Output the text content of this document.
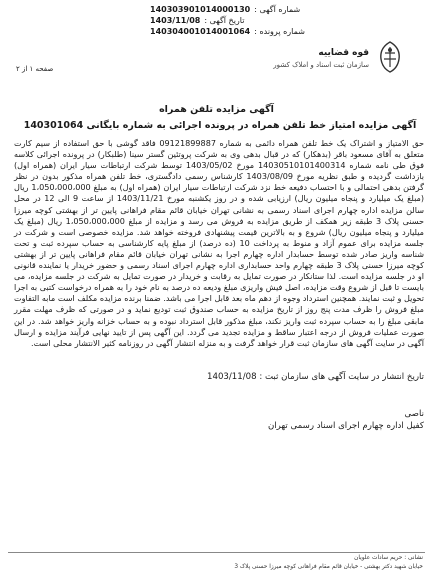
شماره آگهی :
140303901014000130
تاریخ آگهی :
1403/11/08
شماره پرونده :
140304001014001064
صفحه ۱ از ۲
قوه قضاییه
سازمان ثبت اسناد و املاک کشور
آگهی مزایده تلفن همراه
آگهی مزایده امتیاز خط تلفن همراه در پرونده اجرائی به شماره بایگانی 140301064
حق الامتیاز و اشتراک یک خط تلفن همراه دائمی به شماره 09121899887 فاقد گوشی با حق استفاده از سیم کارت متعلق به آقای مسعود باقر (بدهکار) که در قبال بدهی وی به شرکت پروتئین گستر سینا (طلبکار) در پرونده اجرائی کلاسه فوق طی نامه شماره 14030510101400314 مورخ 1403/05/02 توسط شرکت ارتباطات سیار ایران (همراه اول) بازداشت گردیده و طبق نظریه مورخ 1403/08/09 کارشناس رسمی دادگستری، خط تلفن همراه مذکور بدون در نظر گرفتن بدهی احتمالی و با احتساب دفیعه خط نزد شرکت ارتباطات سیار ایران (همراه اول) به مبلغ 1،050،000،000 ریال (مبلغ یک میلیارد و پنجاه میلیون ریال) ارزیابی شده و در روز یکشنبه مورخ 1403/11/21 از ساعت 9 الی 12 در محل سالن مزایده اداره چهارم اجرای اسناد رسمی به نشانی تهران خیابان قائم مقام فراهانی پایین تر از بهشتی کوچه میرزا حسنی پلاک 3 طبقه زیر همکف از طریق مزایده به فروش می رسد و مزایده از مبلغ 1،050،000،000 ریال (مبلغ یک میلیارد و پنجاه میلیون ریال) شروع و به بالاترین قیمت پیشنهادی فروخته خواهد شد. مزایده خصوصی است و شرکت در جلسه مزایده برای عموم آزاد و منوط به پرداخت 10 (ده درصد) از مبلغ پایه کارشناسی به حساب سپرده ثبت و تحت شناسه واریز صادر شده توسط حسابدار اداره چهارم اجرا به نشانی تهران خیابان قائم مقام فراهانی پایین تر از بهشتی کوچه میرزا حسنی پلاک 3 طبقه چهارم واحد حسابداری اداره چهارم اجرای اسناد رسمی و حضور خریدار یا نماینده قانونی او در جلسه مزایده است. لذا ستانکار در صورت تمایل به رقابت و خریدار در صورت تمایل به شرکت در جلسه مزایده، می بایست تا قبل از شروع وقت مزایده، اصل فیش واریزی مبلغ ودیعه ده درصد به نام خود را به همراه درخواست کتبی به اجرا تحویل و ثبت نمایند. همچنین استرداد وجوه از دهم ماه بعد قابل اجرا می باشد. ضمنا برنده مزایده مکلف است مابه التفاوت مبلغ فروش را ظرف مدت پنج روز از تاریخ مزایده به حساب صندوق ثبت تودیع نماید و در صورتی که ظرف مهلت مقرر مابقی مبلغ را به حساب سپرده ثبت واریز نکند، مبلغ مذکور قابل استرداد نبوده و به حساب خزانه واریز خواهد شد. در این صورت عملیات فروش از درجه اعتبار ساقط و مزایده تجدید می گردد. این آگهی پس از تایید نهایی فرآیند مزایده و ارسال آگهی در سایت آگهی های سازمان ثبت قرار خواهد گرفت و به منزله انتشار آگهی در روزنامه کثیر الانتشار محلی است.
تاریخ انتشار در سایت آگهی های سازمان ثبت : 1403/11/08
ناصی
کفیل اداره چهارم اجرای اسناد رسمی تهران
نشانی : حریم سادات علویان
خیابان شهید دکتر بهشتی - خیابان قائم مقام فراهانی کوچه میرزا حسنی پلاک 3
